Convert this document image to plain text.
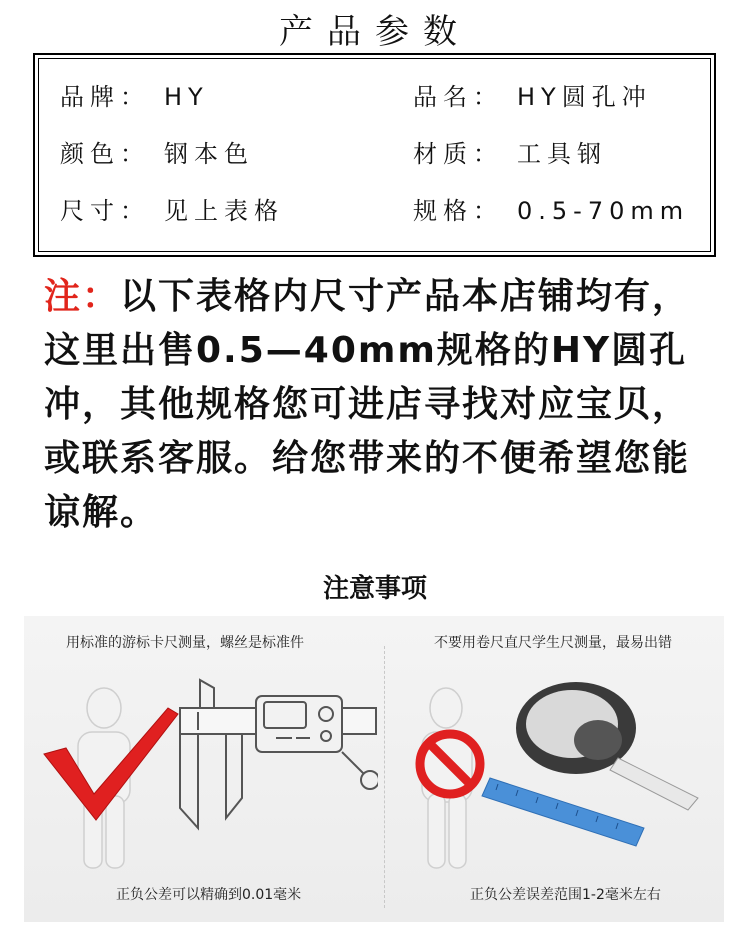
产品参数
品牌： HY	品名： HY圆孔冲
颜色： 钢本色	材质： 工具钢
尺寸： 见上表格	规格： 0.5-70mm
注：以下表格内尺寸产品本店铺均有，这里出售0.5—40mm规格的HY圆孔冲，其他规格您可进店寻找对应宝贝，或联系客服。给您带来的不便希望您能谅解。
注意事项
用标准的游标卡尺测量，螺丝是标准件	不要用卷尺直尺学生尺测量，最易出错
正负公差可以精确到0.01毫米	正负公差误差范围1-2毫米左右
